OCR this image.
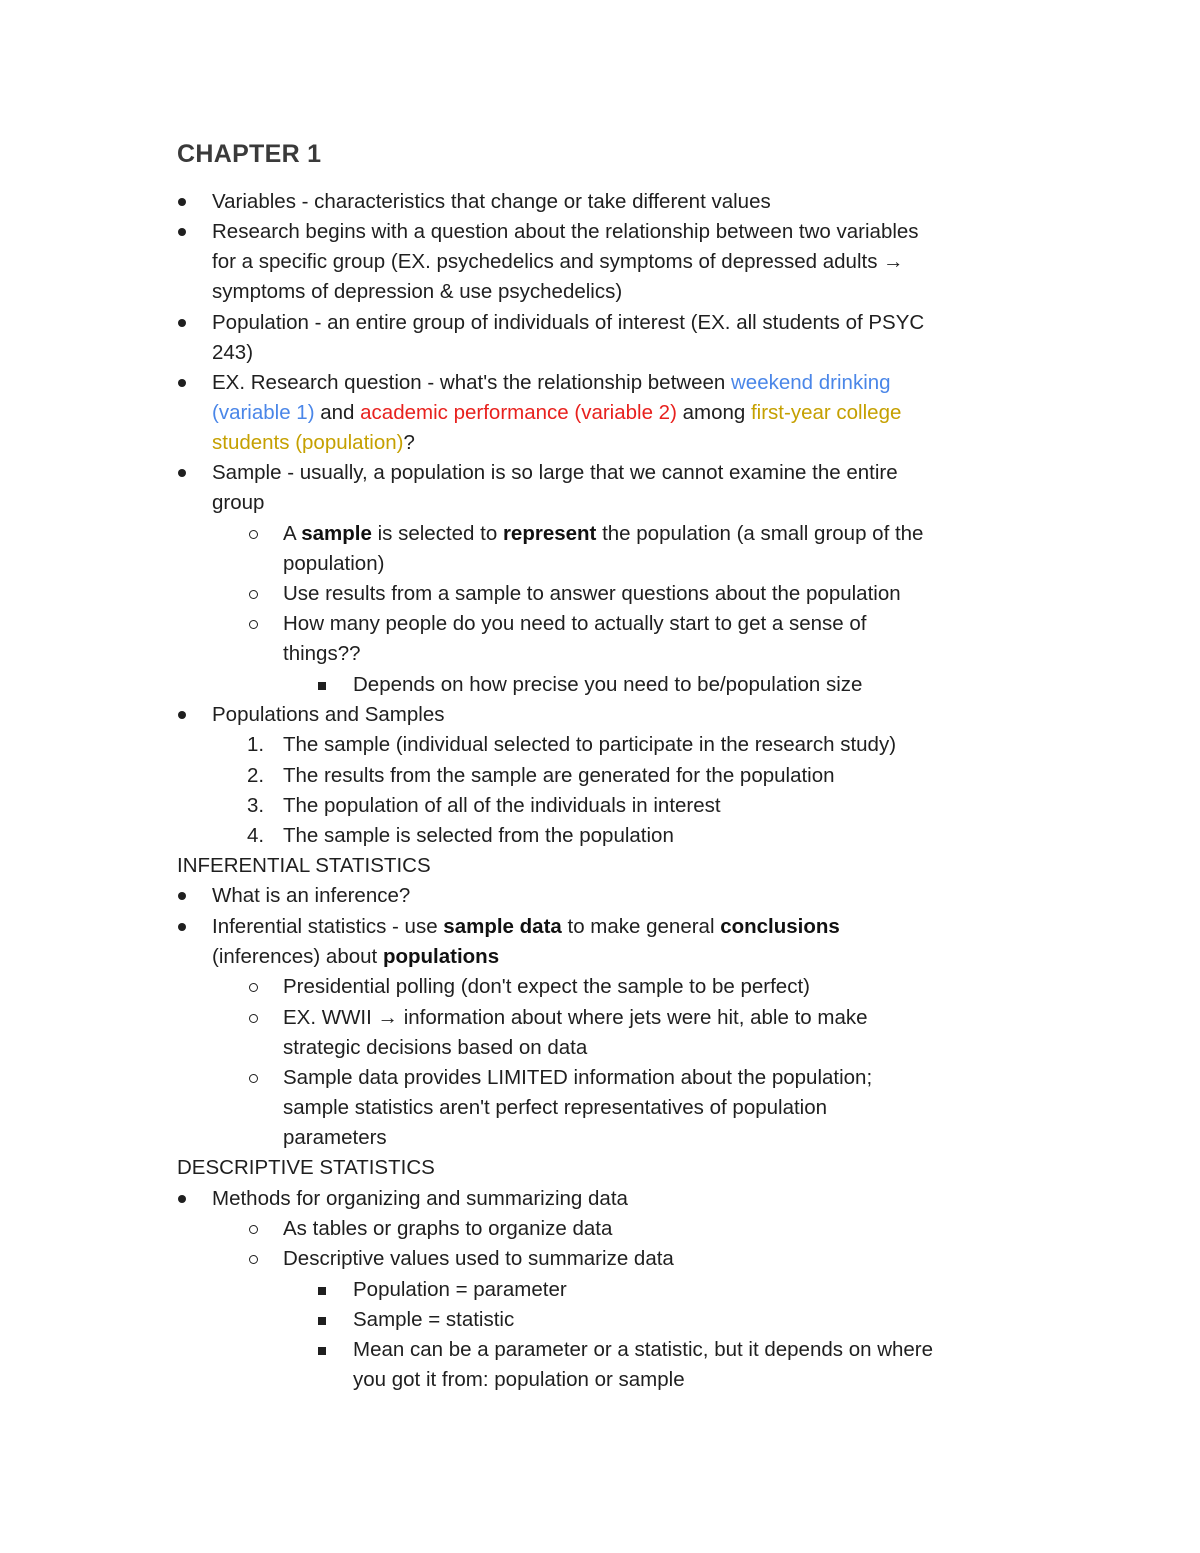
CHAPTER 1
Variables - characteristics that change or take different values
Research begins with a question about the relationship between two variables
for a specific group (EX. psychedelics and symptoms of depressed adults →
symptoms of depression & use psychedelics)
Population - an entire group of individuals of interest (EX. all students of PSYC
243)
EX. Research question - what's the relationship between weekend drinking
(variable 1) and academic performance (variable 2) among first-year college
students (population)?
Sample - usually, a population is so large that we cannot examine the entire
group
A sample is selected to represent the population (a small group of the
population)
Use results from a sample to answer questions about the population
How many people do you need to actually start to get a sense of
things??
Depends on how precise you need to be/population size
Populations and Samples
1. The sample (individual selected to participate in the research study)
2. The results from the sample are generated for the population
3. The population of all of the individuals in interest
4. The sample is selected from the population
INFERENTIAL STATISTICS
What is an inference?
Inferential statistics - use sample data to make general conclusions
(inferences) about populations
Presidential polling (don't expect the sample to be perfect)
EX. WWII → information about where jets were hit, able to make
strategic decisions based on data
Sample data provides LIMITED information about the population;
sample statistics aren't perfect representatives of population
parameters
DESCRIPTIVE STATISTICS
Methods for organizing and summarizing data
As tables or graphs to organize data
Descriptive values used to summarize data
Population = parameter
Sample = statistic
Mean can be a parameter or a statistic, but it depends on where
you got it from: population or sample
